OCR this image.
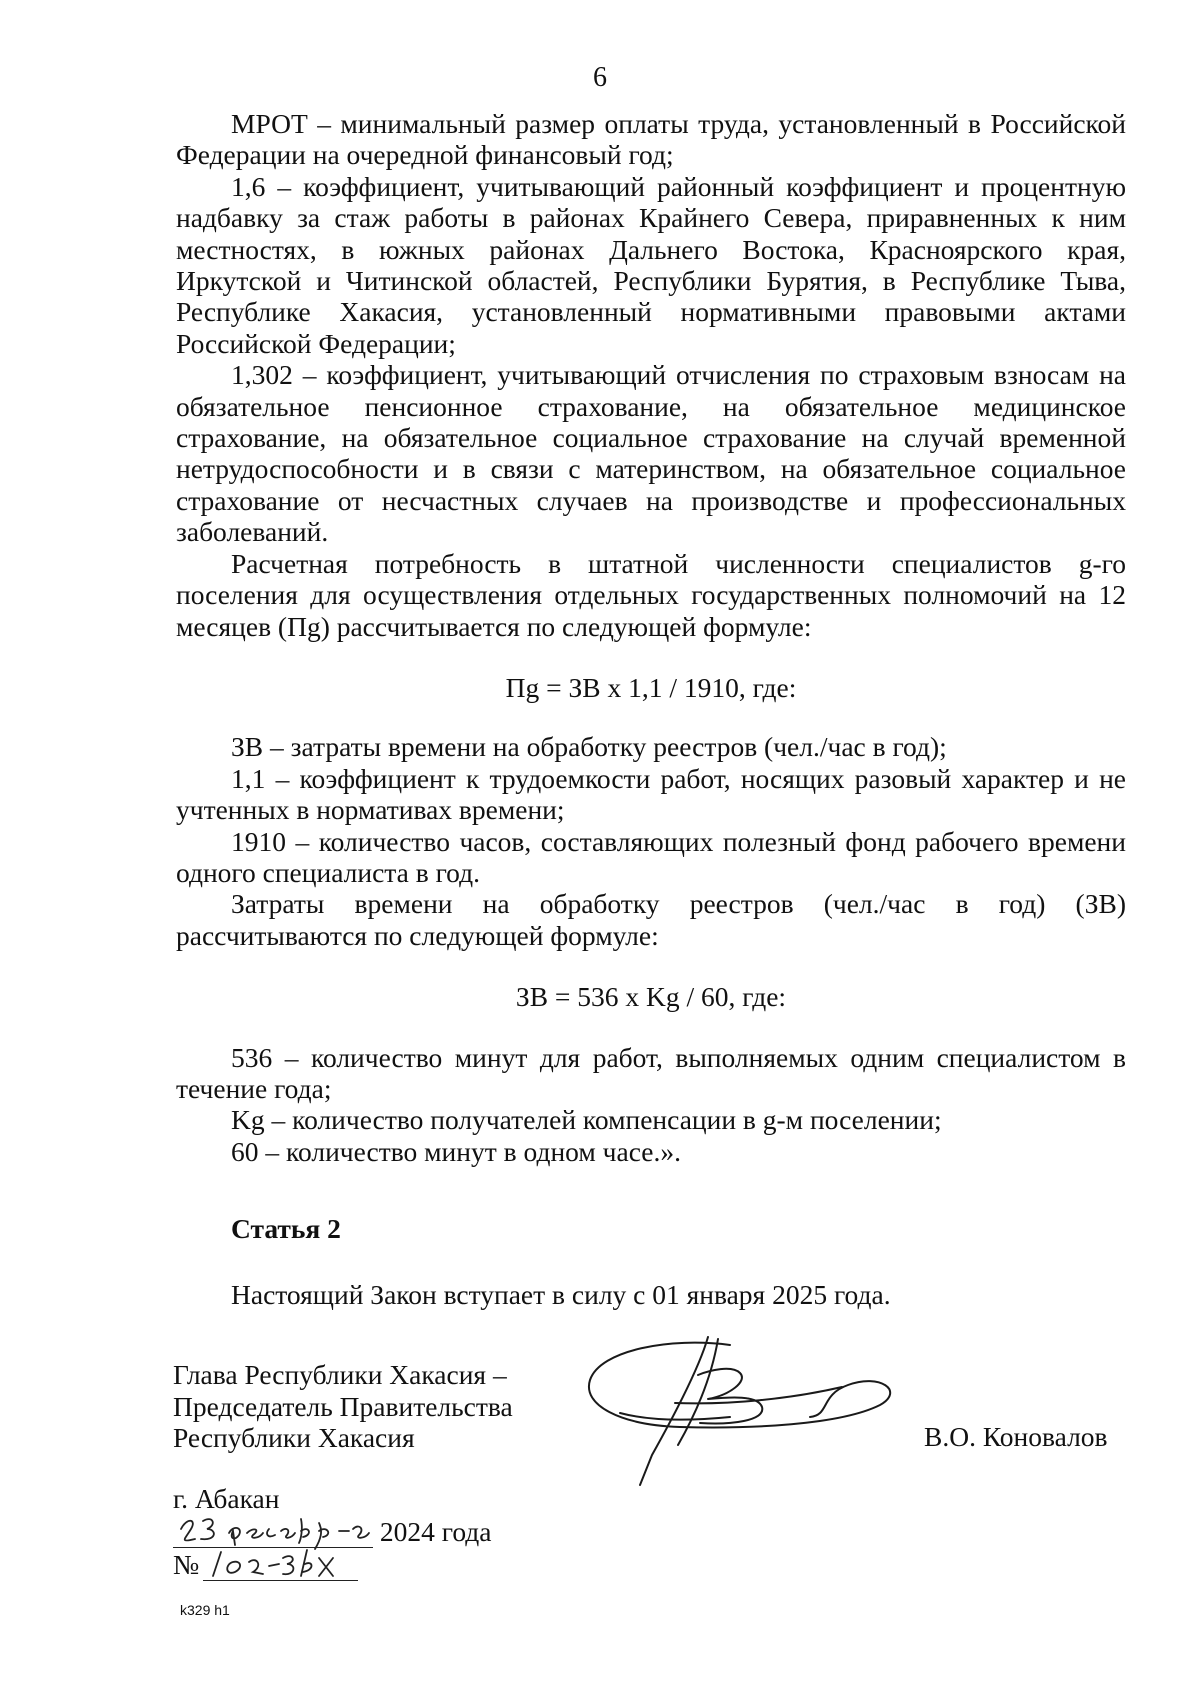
6

МРОТ – минимальный размер оплаты труда, установленный в Российской Федерации на очередной финансовый год;

1,6 – коэффициент, учитывающий районный коэффициент и процентную надбавку за стаж работы в районах Крайнего Севера, приравненных к ним местностях, в южных районах Дальнего Востока, Красноярского края, Иркутской и Читинской областей, Республики Бурятия, в Республике Тыва, Республике Хакасия, установленный нормативными правовыми актами Российской Федерации;

1,302 – коэффициент, учитывающий отчисления по страховым взносам на обязательное пенсионное страхование, на обязательное медицинское страхование, на обязательное социальное страхование на случай временной нетрудоспособности и в связи с материнством, на обязательное социальное страхование от несчастных случаев на производстве и профессиональных заболеваний.

Расчетная потребность в штатной численности специалистов g-го поселения для осуществления отдельных государственных полномочий на 12 месяцев (Пg) рассчитывается по следующей формуле:

Пg = ЗВ х 1,1 / 1910, где:

ЗВ – затраты времени на обработку реестров (чел./час в год);

1,1 – коэффициент к трудоемкости работ, носящих разовый характер и не учтенных в нормативах времени;

1910 – количество часов, составляющих полезный фонд рабочего времени одного специалиста в год.

Затраты времени на обработку реестров (чел./час в год) (ЗВ) рассчитываются по следующей формуле:

ЗВ = 536 х Kg / 60, где:

536 – количество минут для работ, выполняемых одним специалистом в течение года;

Kg – количество получателей компенсации в g-м поселении;

60 – количество минут в одном часе.».

Статья 2

Настоящий Закон вступает в силу с 01 января 2025 года.

Глава Республики Хакасия –
Председатель Правительства
Республики Хакасия	В.О. Коновалов
г. Абакан
2024 года
№
k329 h1
